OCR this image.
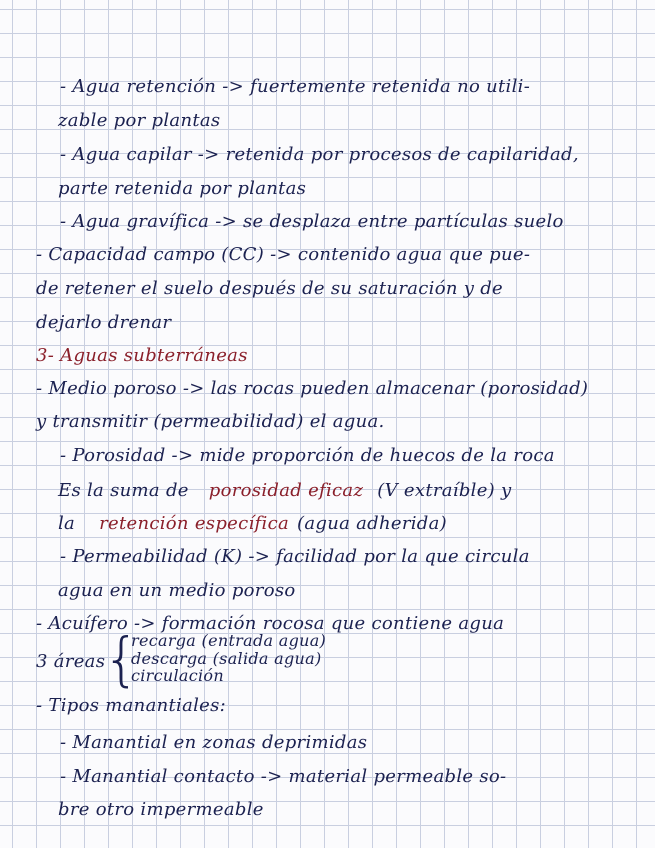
- Agua retención -> fuertemente retenida no utili-
zable por plantas
- Agua capilar -> retenida por procesos de capilaridad,
parte retenida por plantas
- Agua gravífica -> se desplaza entre partículas suelo
- Capacidad campo (CC) -> contenido agua que pue-
de retener el suelo después de su saturación y de
dejarlo drenar
3- Aguas subterráneas
- Medio poroso -> las rocas pueden almacenar (porosidad)
y transmitir (permeabilidad) el agua.
- Porosidad -> mide proporción de huecos de la roca
Es la suma de porosidad eficaz (V extraíble) y
la retención específica (agua adherida)
- Permeabilidad (K) -> facilidad por la que circula
agua en un medio poroso
- Acuífero -> formación rocosa que contiene agua
3 áreas
{
recarga (entrada agua)
descarga (salida agua)
circulación
- Tipos manantiales:
- Manantial en zonas deprimidas
- Manantial contacto -> material permeable so-
bre otro impermeable
